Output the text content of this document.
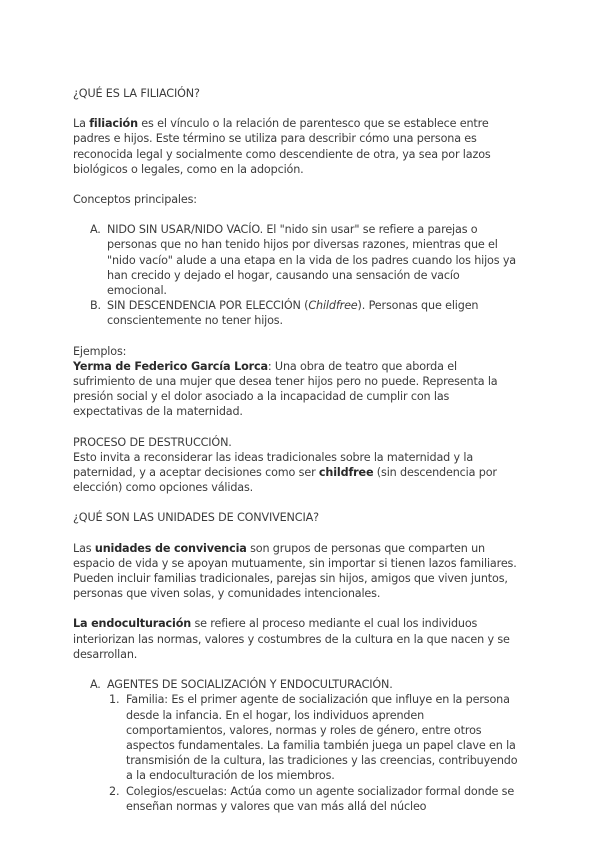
¿QUÉ ES LA FILIACIÓN?

La filiación es el vínculo o la relación de parentesco que se establece entre padres e hijos. Este término se utiliza para describir cómo una persona es reconocida legal y socialmente como descendiente de otra, ya sea por lazos biológicos o legales, como en la adopción.

Conceptos principales:

A. NIDO SIN USAR/NIDO VACÍO. El "nido sin usar" se refiere a parejas o personas que no han tenido hijos por diversas razones, mientras que el "nido vacío" alude a una etapa en la vida de los padres cuando los hijos ya han crecido y dejado el hogar, causando una sensación de vacío emocional.
B. SIN DESCENDENCIA POR ELECCIÓN (Childfree). Personas que eligen conscientemente no tener hijos.

Ejemplos:

Yerma de Federico García Lorca: Una obra de teatro que aborda el sufrimiento de una mujer que desea tener hijos pero no puede. Representa la presión social y el dolor asociado a la incapacidad de cumplir con las expectativas de la maternidad.

PROCESO DE DESTRUCCIÓN.

Esto invita a reconsiderar las ideas tradicionales sobre la maternidad y la paternidad, y a aceptar decisiones como ser childfree (sin descendencia por elección) como opciones válidas.

¿QUÉ SON LAS UNIDADES DE CONVIVENCIA?

Las unidades de convivencia son grupos de personas que comparten un espacio de vida y se apoyan mutuamente, sin importar si tienen lazos familiares. Pueden incluir familias tradicionales, parejas sin hijos, amigos que viven juntos, personas que viven solas, y comunidades intencionales.

La endoculturación se refiere al proceso mediante el cual los individuos interiorizan las normas, valores y costumbres de la cultura en la que nacen y se desarrollan.

A. AGENTES DE SOCIALIZACIÓN Y ENDOCULTURACIÓN.
1. Familia: Es el primer agente de socialización que influye en la persona desde la infancia. En el hogar, los individuos aprenden comportamientos, valores, normas y roles de género, entre otros aspectos fundamentales. La familia también juega un papel clave en la transmisión de la cultura, las tradiciones y las creencias, contribuyendo a la endoculturación de los miembros.
2. Colegios/escuelas: Actúa como un agente socializador formal donde se enseñan normas y valores que van más allá del núcleo
